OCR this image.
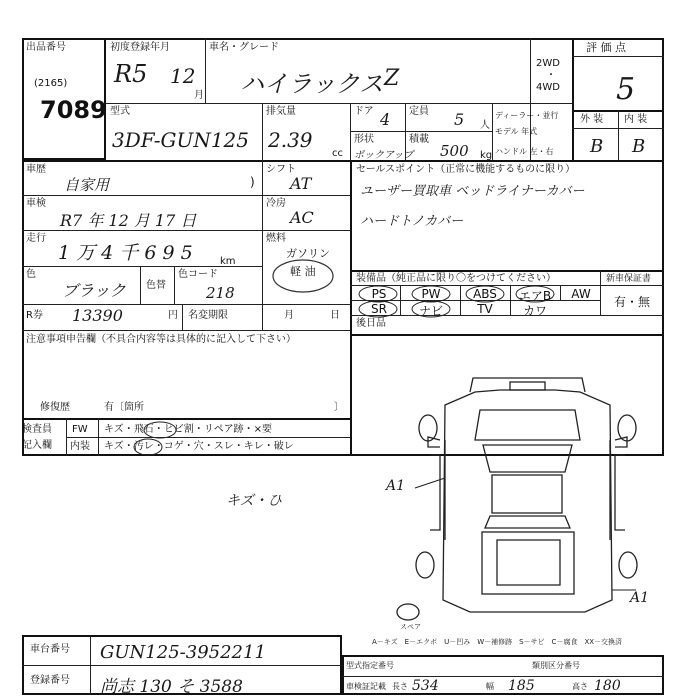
出品番号
(2165)
7089
初度登録年月
R5 12
月
車名・グレード
ハイラックス Z
2WD
・
4WD
評 価 点
5
外 装 内 装
B B
型式
3DF-GUN125
排気量
2.39
cc
ドア 4 定員 5 人
形状
ポックアップ
積載
500 kg
ディーラー・並行
モデル 年式
ハンドル 左・右
車歴
自家用	)
車検
R7 年 12 月 17 日
走行
1 万 4 千 6 9 5	km
色
ブラック 色替
色コード
218
R券 13390	円 名変期限	月	日
シフト
AT
冷房
AC
燃料
ガソリン
軽 油
セールスポイント（正常に機能するものに限り）
ユーザー買取車 ベッドライナーカバー
ハードトノカバー
装備品（純正品に限り〇をつけてください）	新車保証書
有・無
PS	PW	ABS	エアB	AW
SR	ナビ	TV	カワ
後日品
注意事項申告欄（不具合内容等は具体的に記入して下さい）
修復歴	有〔箇所	〕
検査員
記入欄
FW キズ・飛石・ヒビ割・リペア跡・×要
内装 キズ・汚レ・コゲ・穴・スレ・キレ・破レ
キズ・ひ
A1
A1
スペア
A－キズ　E－エクボ　U－凹み　W－補修跡　S－サビ　C－腐食　XX－交換済
車台番号 GUN125-3952211
登録番号 尚志 130 そ 3588
型式指定番号	類別区分番号
車検証記載 長さ 534	幅 185	高さ 180
